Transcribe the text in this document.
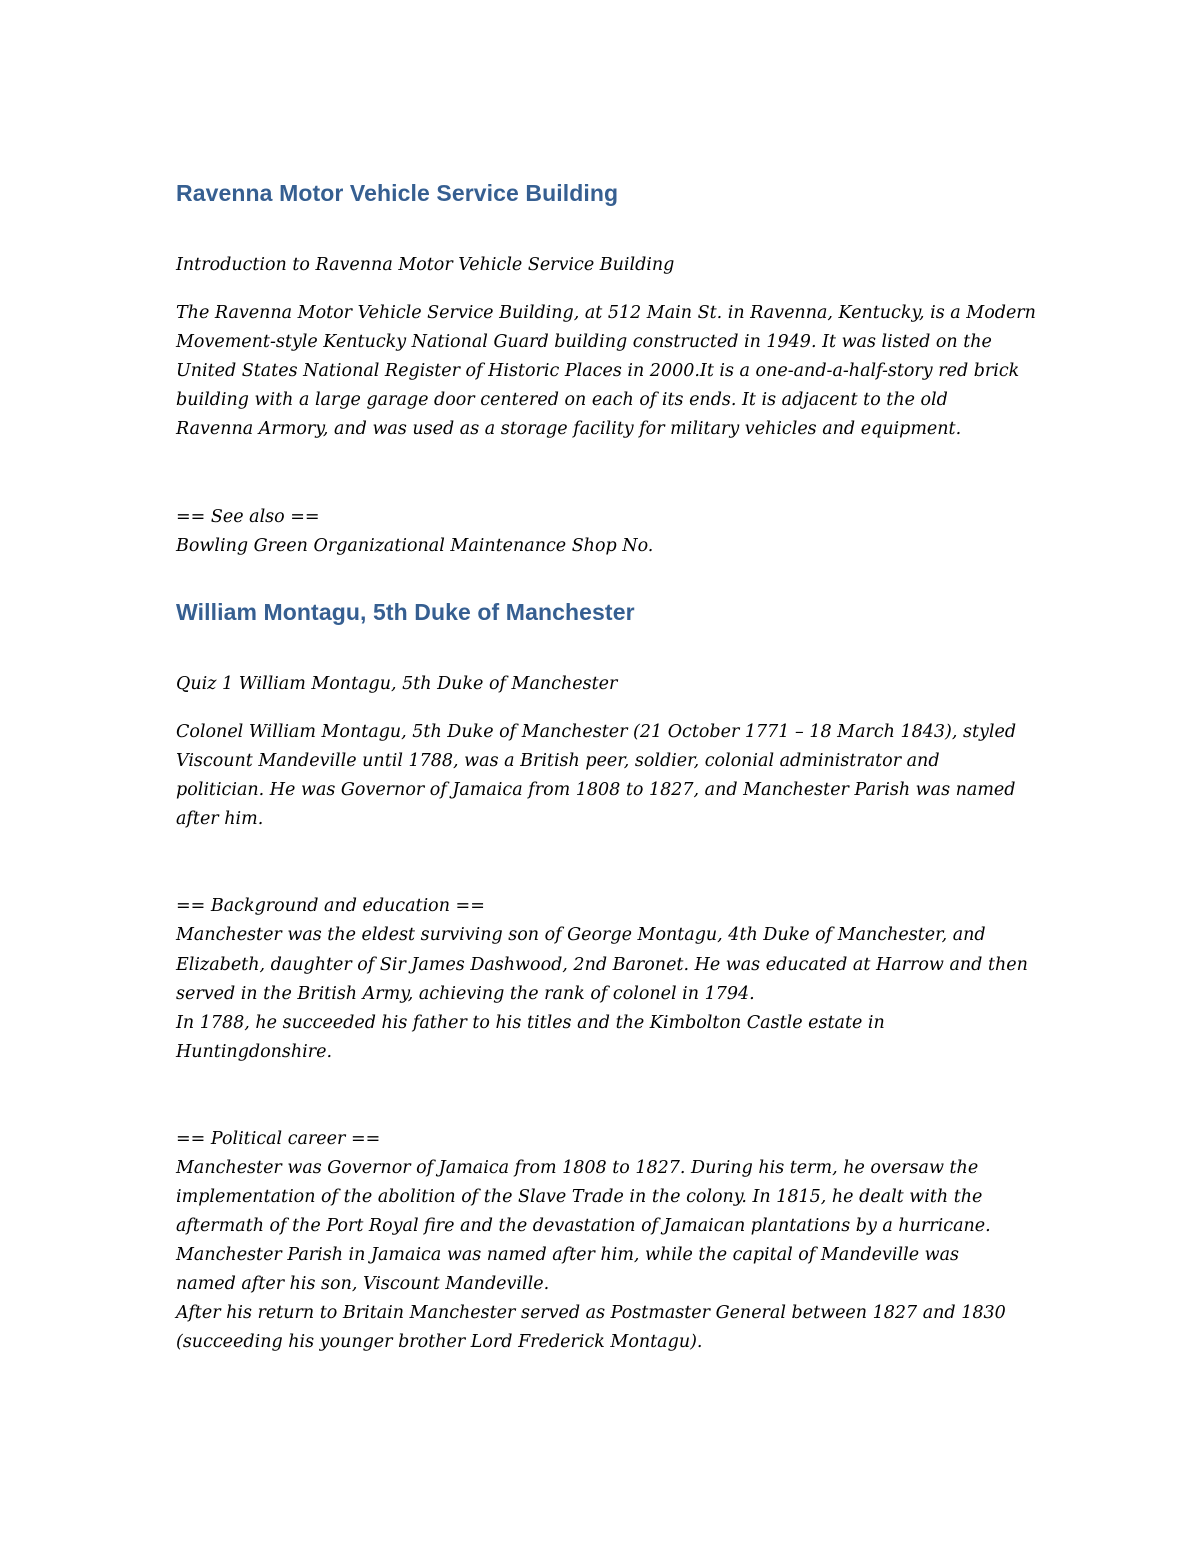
Ravenna Motor Vehicle Service Building

Introduction to Ravenna Motor Vehicle Service Building

The Ravenna Motor Vehicle Service Building, at 512 Main St. in Ravenna, Kentucky, is a Modern

Movement-style Kentucky National Guard building constructed in 1949. It was listed on the

United States National Register of Historic Places in 2000.It is a one-and-a-half-story red brick

building with a large garage door centered on each of its ends. It is adjacent to the old

Ravenna Armory, and was used as a storage facility for military vehicles and equipment.

== See also ==

Bowling Green Organizational Maintenance Shop No.

William Montagu, 5th Duke of Manchester

Quiz 1 William Montagu, 5th Duke of Manchester

Colonel William Montagu, 5th Duke of Manchester (21 October 1771 – 18 March 1843), styled

Viscount Mandeville until 1788, was a British peer, soldier, colonial administrator and

politician. He was Governor of Jamaica from 1808 to 1827, and Manchester Parish was named

after him.

== Background and education ==

Manchester was the eldest surviving son of George Montagu, 4th Duke of Manchester, and

Elizabeth, daughter of Sir James Dashwood, 2nd Baronet. He was educated at Harrow and then

served in the British Army, achieving the rank of colonel in 1794.

In 1788, he succeeded his father to his titles and the Kimbolton Castle estate in

Huntingdonshire.

== Political career ==

Manchester was Governor of Jamaica from 1808 to 1827. During his term, he oversaw the

implementation of the abolition of the Slave Trade in the colony. In 1815, he dealt with the

aftermath of the Port Royal fire and the devastation of Jamaican plantations by a hurricane.

Manchester Parish in Jamaica was named after him, while the capital of Mandeville was

named after his son, Viscount Mandeville.

After his return to Britain Manchester served as Postmaster General between 1827 and 1830

(succeeding his younger brother Lord Frederick Montagu).
